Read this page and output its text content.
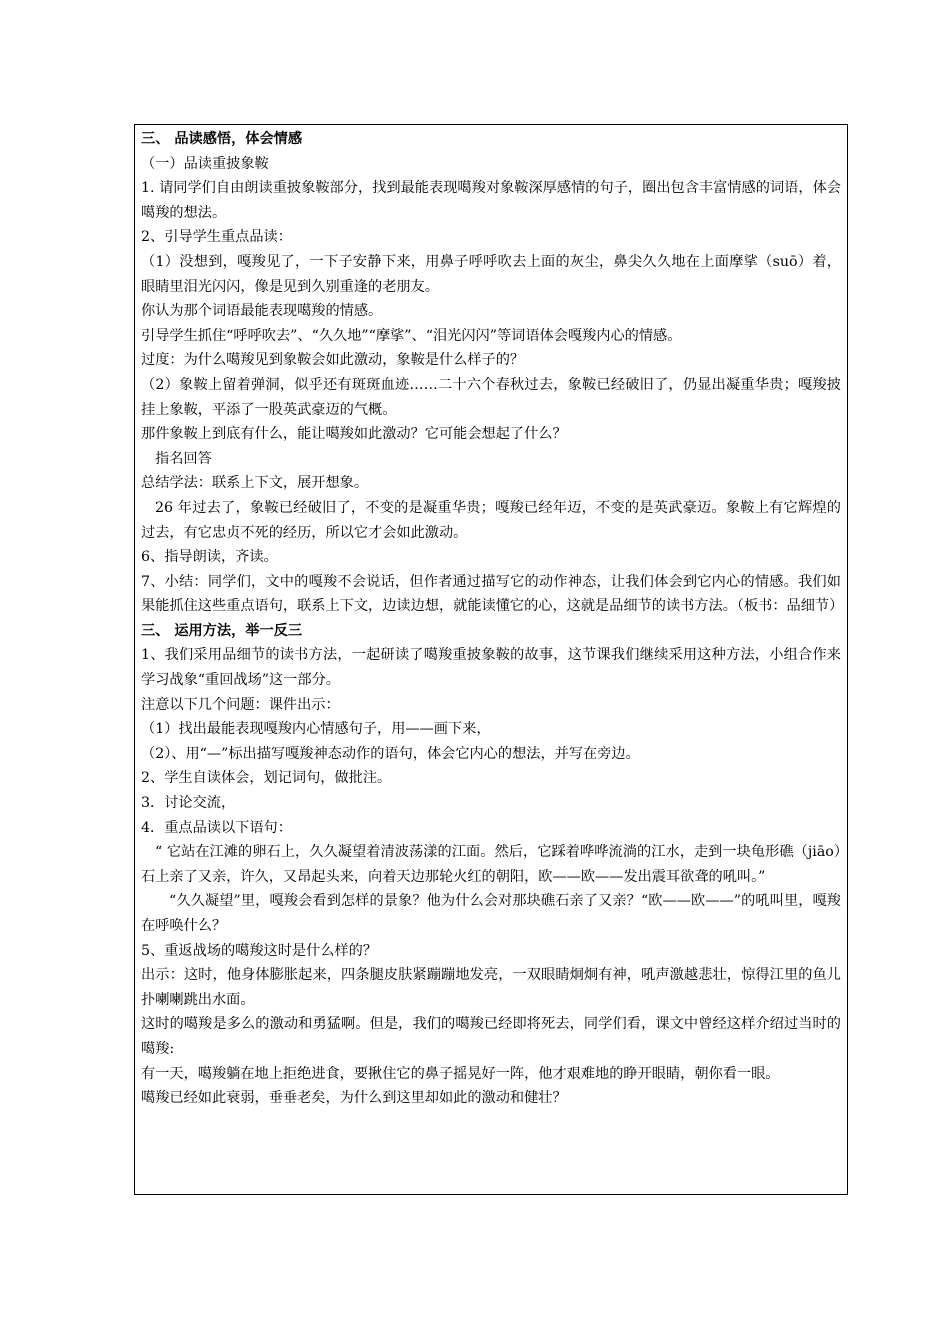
三、 品读感悟，体会情感

（一）品读重披象鞍

1. 请同学们自由朗读重披象鞍部分，找到最能表现噶羧对象鞍深厚感情的句子，圈出包含丰富情感的词语，体会噶羧的想法。

2、引导学生重点品读：

（1）没想到，嘎羧见了，一下子安静下来，用鼻子呼呼吹去上面的灰尘，鼻尖久久地在上面摩挲（suō）着，眼睛里泪光闪闪，像是见到久别重逢的老朋友。

你认为那个词语最能表现噶羧的情感。

引导学生抓住“呼呼吹去”、“久久地”“摩挲”、“泪光闪闪”等词语体会嘎羧内心的情感。

过度：为什么噶羧见到象鞍会如此激动，象鞍是什么样子的？

（2）象鞍上留着弹洞，似乎还有斑斑血迹……二十六个春秋过去，象鞍已经破旧了，仍显出凝重华贵；嘎羧披挂上象鞍，平添了一股英武豪迈的气概。

那件象鞍上到底有什么，能让噶羧如此激动？它可能会想起了什么？

指名回答

总结学法：联系上下文，展开想象。

26 年过去了，象鞍已经破旧了，不变的是凝重华贵；嘎羧已经年迈，不变的是英武豪迈。象鞍上有它辉煌的过去，有它忠贞不死的经历，所以它才会如此激动。

6、指导朗读，齐读。

7、小结：同学们，文中的嘎羧不会说话，但作者通过描写它的动作神态，让我们体会到它内心的情感。我们如果能抓住这些重点语句，联系上下文，边读边想，就能读懂它的心，这就是品细节的读书方法。（板书：品细节）

三、 运用方法，举一反三

1、我们采用品细节的读书方法，一起研读了噶羧重披象鞍的故事，这节课我们继续采用这种方法，小组合作来学习战象“重回战场”这一部分。

注意以下几个问题：课件出示：

（1）找出最能表现嘎羧内心情感句子，用——画下来，

（2）、用“—”标出描写嘎羧神态动作的语句，体会它内心的想法，并写在旁边。

2、学生自读体会，划记词句，做批注。

3．讨论交流，

4．重点品读以下语句：

“ 它站在江滩的卵石上，久久凝望着清波荡漾的江面。然后，它踩着哗哗流淌的江水，走到一块龟形礁（jiāo）石上亲了又亲，许久，又昂起头来，向着天边那轮火红的朝阳，欧——欧——发出震耳欲聋的吼叫。”

“久久凝望”里，嘎羧会看到怎样的景象？他为什么会对那块礁石亲了又亲？“欧——欧——”的吼叫里，嘎羧在呼唤什么？

5、重返战场的噶羧这时是什么样的？

出示：这时，他身体膨胀起来，四条腿皮肤紧蹦蹦地发亮，一双眼睛炯炯有神，吼声激越悲壮，惊得江里的鱼儿扑喇喇跳出水面。

这时的噶羧是多么的激动和勇猛啊。但是，我们的噶羧已经即将死去，同学们看，课文中曾经这样介绍过当时的噶羧:

有一天，噶羧躺在地上拒绝进食，要揪住它的鼻子摇晃好一阵，他才艰难地的睁开眼睛，朝你看一眼。

噶羧已经如此衰弱，垂垂老矣，为什么到这里却如此的激动和健壮？
